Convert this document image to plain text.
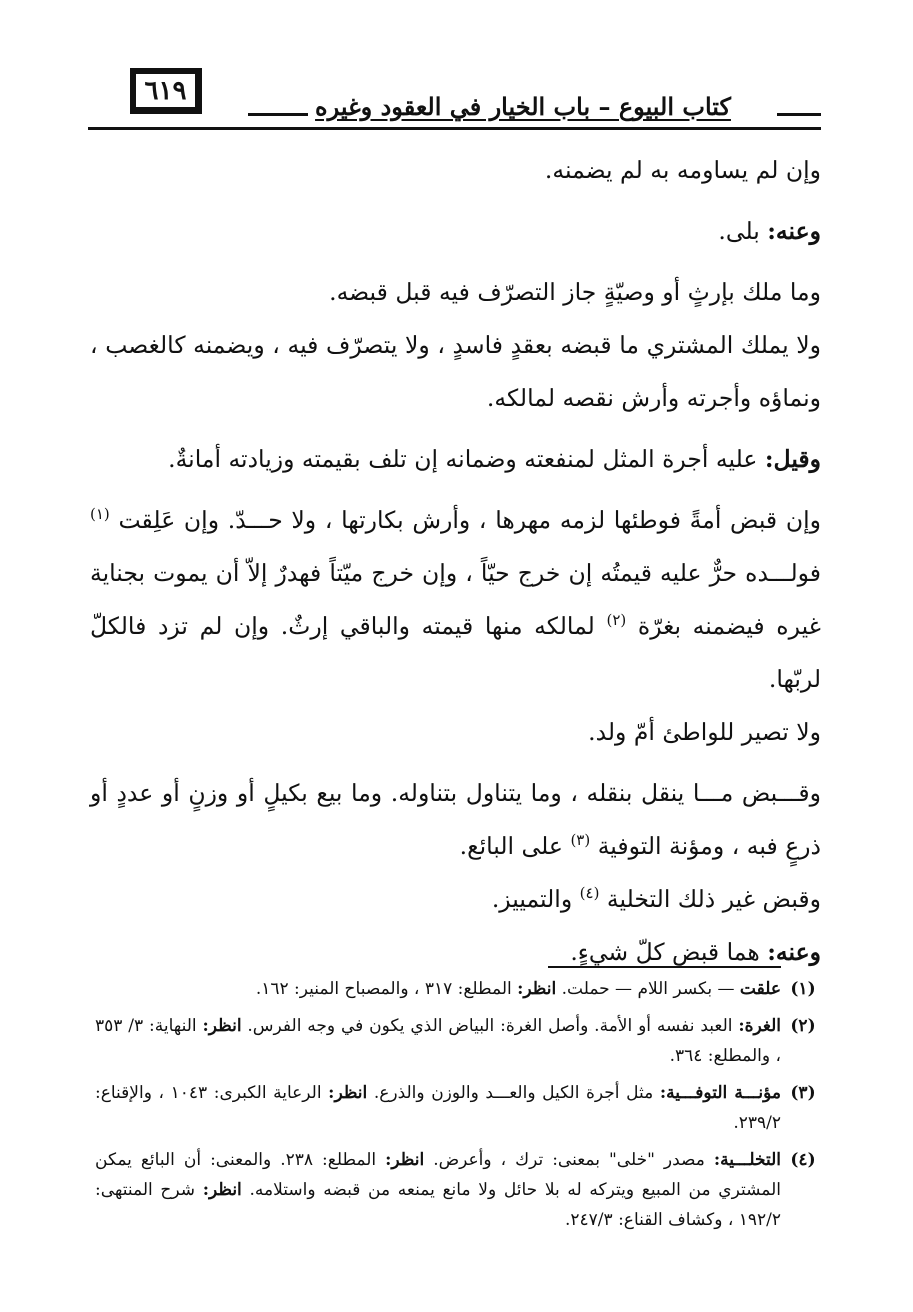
٦١٩
كتاب البيوع – باب الخيار في العقود وغيره

وإن لم يساومه به لم يضمنه.

وعنه: بلى.

وما ملك بإرثٍ أو وصيّةٍ جاز التصرّف فيه قبل قبضه.

ولا يملك المشتري ما قبضه بعقدٍ فاسدٍ ، ولا يتصرّف فيه ، ويضمنه كالغصب ، ونماؤه وأجرته وأرش نقصه لمالكه.

وقيل: عليه أجرة المثل لمنفعته وضمانه إن تلف بقيمته وزيادته أمانةٌ.

وإن قبض أمةً فوطئها لزمه مهرها ، وأرش بكارتها ، ولا حـــدّ. وإن عَلِقت $^{(١)}$ فولـــده حرٌّ عليه قيمتُه إن خرج حيّاً ، وإن خرج ميّتاً فهدرٌ إلاّ أن يموت بجناية غيره فيضمنه بغرّة $^{(٢)}$ لمالكه منها قيمته والباقي إرثٌ. وإن لم تزد فالكلّ لربّها.

ولا تصير للواطئ أمّ ولد.

وقـــبض مـــا ينقل بنقله ، وما يتناول بتناوله. وما بيع بكيلٍ أو وزنٍ أو عددٍ أو ذرعٍ فبه ، ومؤنة التوفية $^{(٣)}$ على البائع.

وقبض غير ذلك التخلية $^{(٤)}$ والتمييز.

وعنه: هما قبض كلّ شيءٍ.

(١)
علقت — بكسر اللام — حملت. انظر: المطلع: ٣١٧ ، والمصباح المنير: ١٦٢.
(٢)
الغرة: العبد نفسه أو الأمة. وأصل الغرة: البياض الذي يكون في وجه الفرس. انظر: النهاية: ٣/ ٣٥٣ ، والمطلع: ٣٦٤.
(٣)
مؤنـــة التوفـــية: مثل أجرة الكيل والعـــد والوزن والذرع. انظر: الرعاية الكبرى: ١٠٤٣ ، والإقناع: ٢٣٩/٢.
(٤)
التخلـــية: مصدر "خلى" بمعنى: ترك ، وأعرض. انظر: المطلع: ٢٣٨. والمعنى: أن البائع يمكن المشتري من المبيع ويتركه له بلا حائل ولا مانع يمنعه من قبضه واستلامه. انظر: شرح المنتهى: ١٩٢/٢ ، وكشاف القناع: ٢٤٧/٣.
